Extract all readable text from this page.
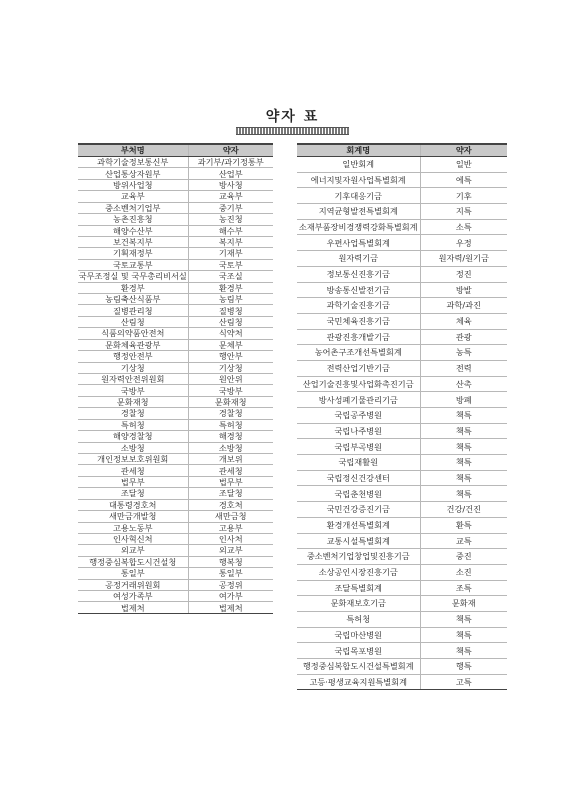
약자 표
부처명	약자
과학기술정보통신부	과기부/과기정통부
산업통상자원부	산업부
방위사업청	방사청
교육부	교육부
중소벤처기업부	중기부
농촌진흥청	농진청
해양수산부	해수부
보건복지부	복지부
기획재정부	기재부
국토교통부	국토부
국무조정실 및 국무총리비서실	국조실
환경부	환경부
농림축산식품부	농림부
질병관리청	질병청
산림청	산림청
식품의약품안전처	식약처
문화체육관광부	문체부
행정안전부	행안부
기상청	기상청
원자력안전위원회	원안위
국방부	국방부
문화재청	문화재청
경찰청	경찰청
특허청	특허청
해양경찰청	해경청
소방청	소방청
개인정보보호위원회	개보위
관세청	관세청
법무부	법무부
조달청	조달청
대통령경호처	경호처
새만금개발청	새만금청
고용노동부	고용부
인사혁신처	인사처
외교부	외교부
행정중심복합도시건설청	행복청
통일부	통일부
공정거래위원회	공정위
여성가족부	여가부
법제처	법제처
회계명	약자
일반회계	일반
에너지및자원사업특별회계	에특
기후대응기금	기후
지역균형발전특별회계	지특
소재부품장비경쟁력강화특별회계	소특
우편사업특별회계	우정
원자력기금	원자력/원기금
정보통신진흥기금	정진
방송통신발전기금	방발
과학기술진흥기금	과학/과진
국민체육진흥기금	체육
관광진흥개발기금	관광
농어촌구조개선특별회계	농특
전력산업기반기금	전력
산업기술진흥및사업화촉진기금	산촉
방사성폐기물관리기금	방폐
국립공주병원	책특
국립나주병원	책특
국립부곡병원	책특
국립재활원	책특
국립정신건강센터	책특
국립춘천병원	책특
국민건강증진기금	건강/건진
환경개선특별회계	환특
교통시설특별회계	교특
중소벤처기업창업및진흥기금	중진
소상공인시장진흥기금	소진
조달특별회계	조특
문화재보호기금	문화재
특허청	책특
국립마산병원	책특
국립목포병원	책특
행정중심복합도시건설특별회계	행특
고등·평생교육지원특별회계	고특
